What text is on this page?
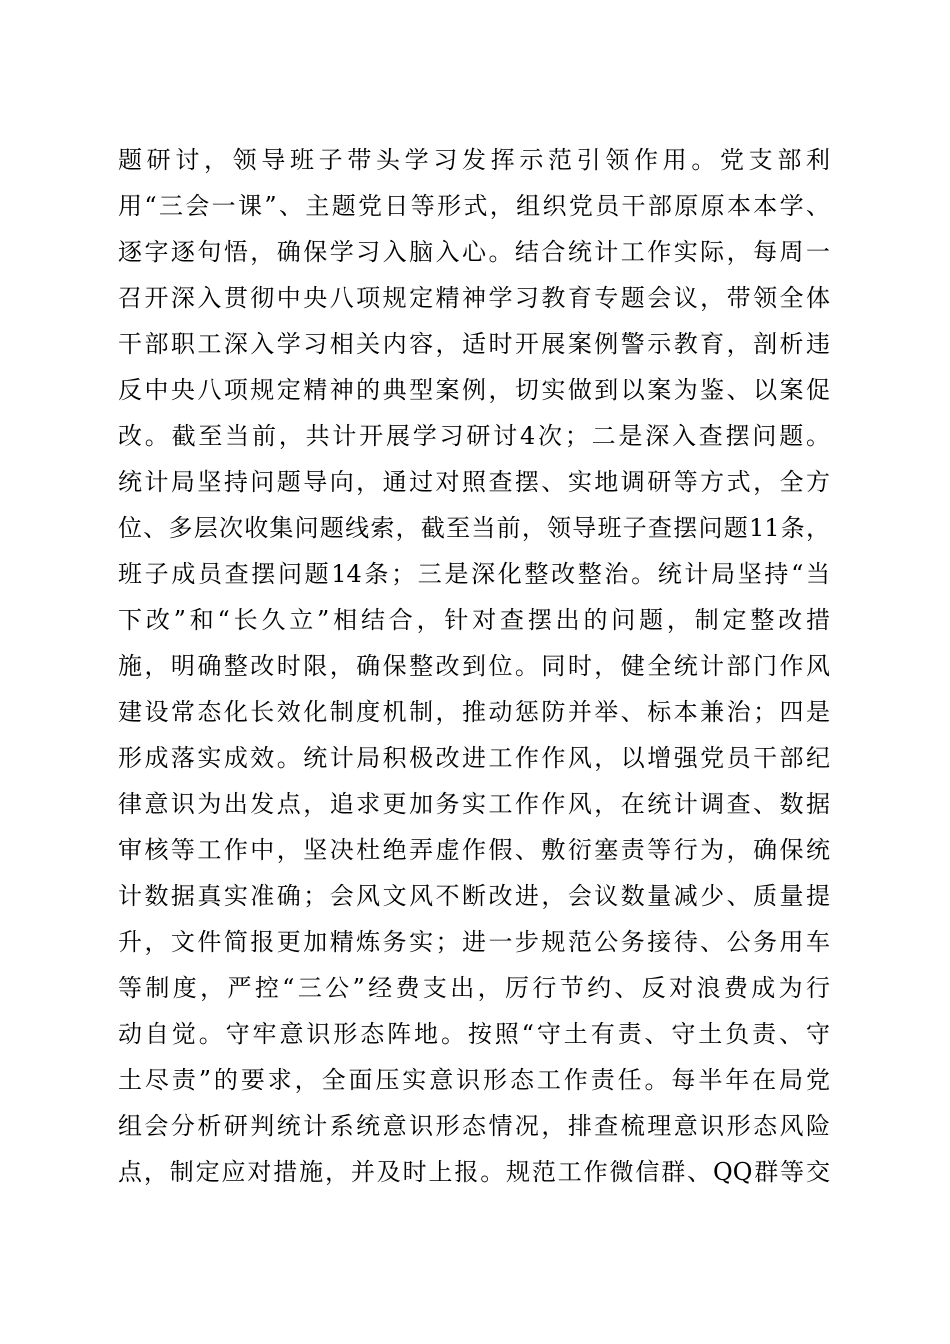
题研讨，领导班子带头学习发挥示范引领作用。党支部利
用“三会一课”、主题党日等形式，组织党员干部原原本本学、
逐字逐句悟，确保学习入脑入心。结合统计工作实际，每周一
召开深入贯彻中央八项规定精神学习教育专题会议，带领全体
干部职工深入学习相关内容，适时开展案例警示教育，剖析违
反中央八项规定精神的典型案例，切实做到以案为鉴、以案促
改。截至当前，共计开展学习研讨4次；二是深入查摆问题。
统计局坚持问题导向，通过对照查摆、实地调研等方式，全方
位、多层次收集问题线索，截至当前，领导班子查摆问题11条，
班子成员查摆问题14条；三是深化整改整治。统计局坚持“当
下改”和“长久立”相结合，针对查摆出的问题，制定整改措
施，明确整改时限，确保整改到位。同时，健全统计部门作风
建设常态化长效化制度机制，推动惩防并举、标本兼治；四是
形成落实成效。统计局积极改进工作作风，以增强党员干部纪
律意识为出发点，追求更加务实工作作风，在统计调查、数据
审核等工作中，坚决杜绝弄虚作假、敷衍塞责等行为，确保统
计数据真实准确；会风文风不断改进，会议数量减少、质量提
升，文件简报更加精炼务实；进一步规范公务接待、公务用车
等制度，严控“三公”经费支出，厉行节约、反对浪费成为行
动自觉。守牢意识形态阵地。按照“守土有责、守土负责、守
土尽责”的要求，全面压实意识形态工作责任。每半年在局党
组会分析研判统计系统意识形态情况，排查梳理意识形态风险
点，制定应对措施，并及时上报。规范工作微信群、QQ群等交
